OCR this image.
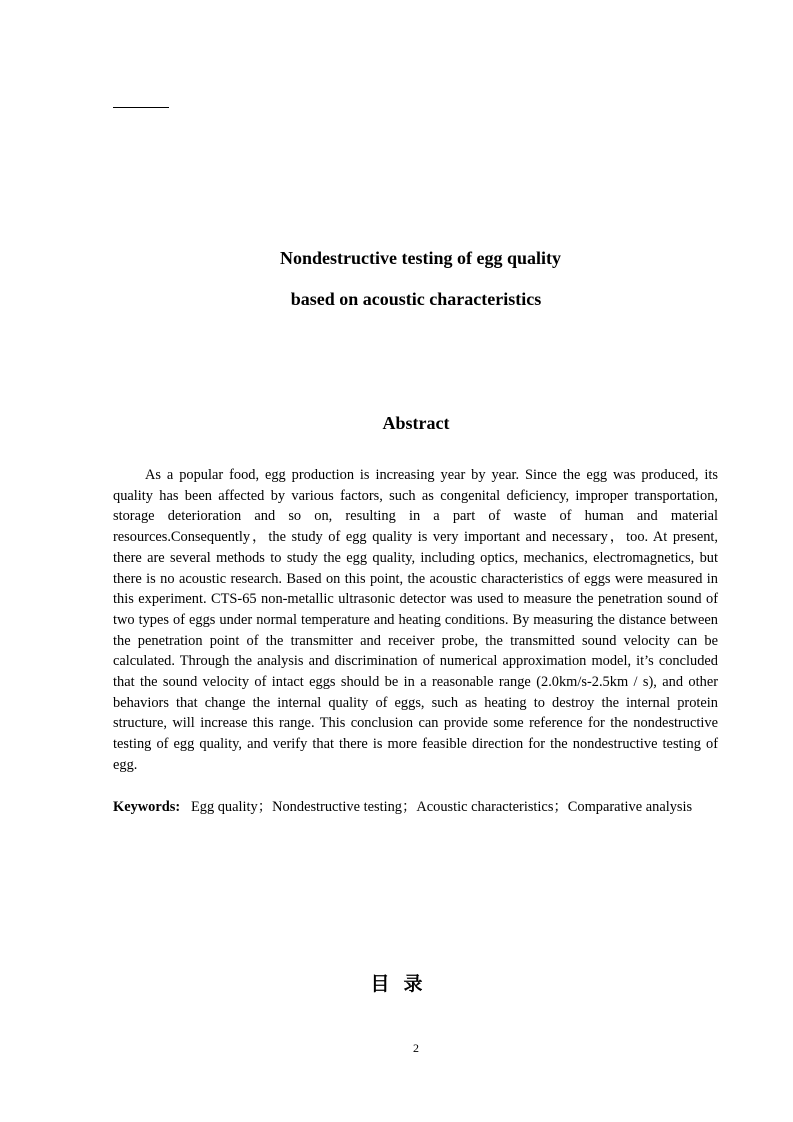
Nondestructive testing of egg quality
based on acoustic characteristics
Abstract

As a popular food, egg production is increasing year by year. Since the egg was produced, its quality has been affected by various factors, such as congenital deficiency, improper transportation, storage deterioration and so on, resulting in a part of waste of human and material resources.Consequently，the study of egg quality is very important and necessary，too. At present, there are several methods to study the egg quality, including optics, mechanics, electromagnetics, but there is no acoustic research. Based on this point, the acoustic characteristics of eggs were measured in this experiment. CTS-65 non-metallic ultrasonic detector was used to measure the penetration sound of two types of eggs under normal temperature and heating conditions. By measuring the distance between the penetration point of the transmitter and receiver probe, the transmitted sound velocity can be calculated. Through the analysis and discrimination of numerical approximation model, it’s concluded that the sound velocity of intact eggs should be in a reasonable range (2.0km/s-2.5km / s), and other behaviors that change the internal quality of eggs, such as heating to destroy the internal protein structure, will increase this range. This conclusion can provide some reference for the nondestructive testing of egg quality, and verify that there is more feasible direction for the nondestructive testing of egg.

Keywords: Egg quality；Nondestructive testing；Acoustic characteristics；Comparative analysis

目录
2
